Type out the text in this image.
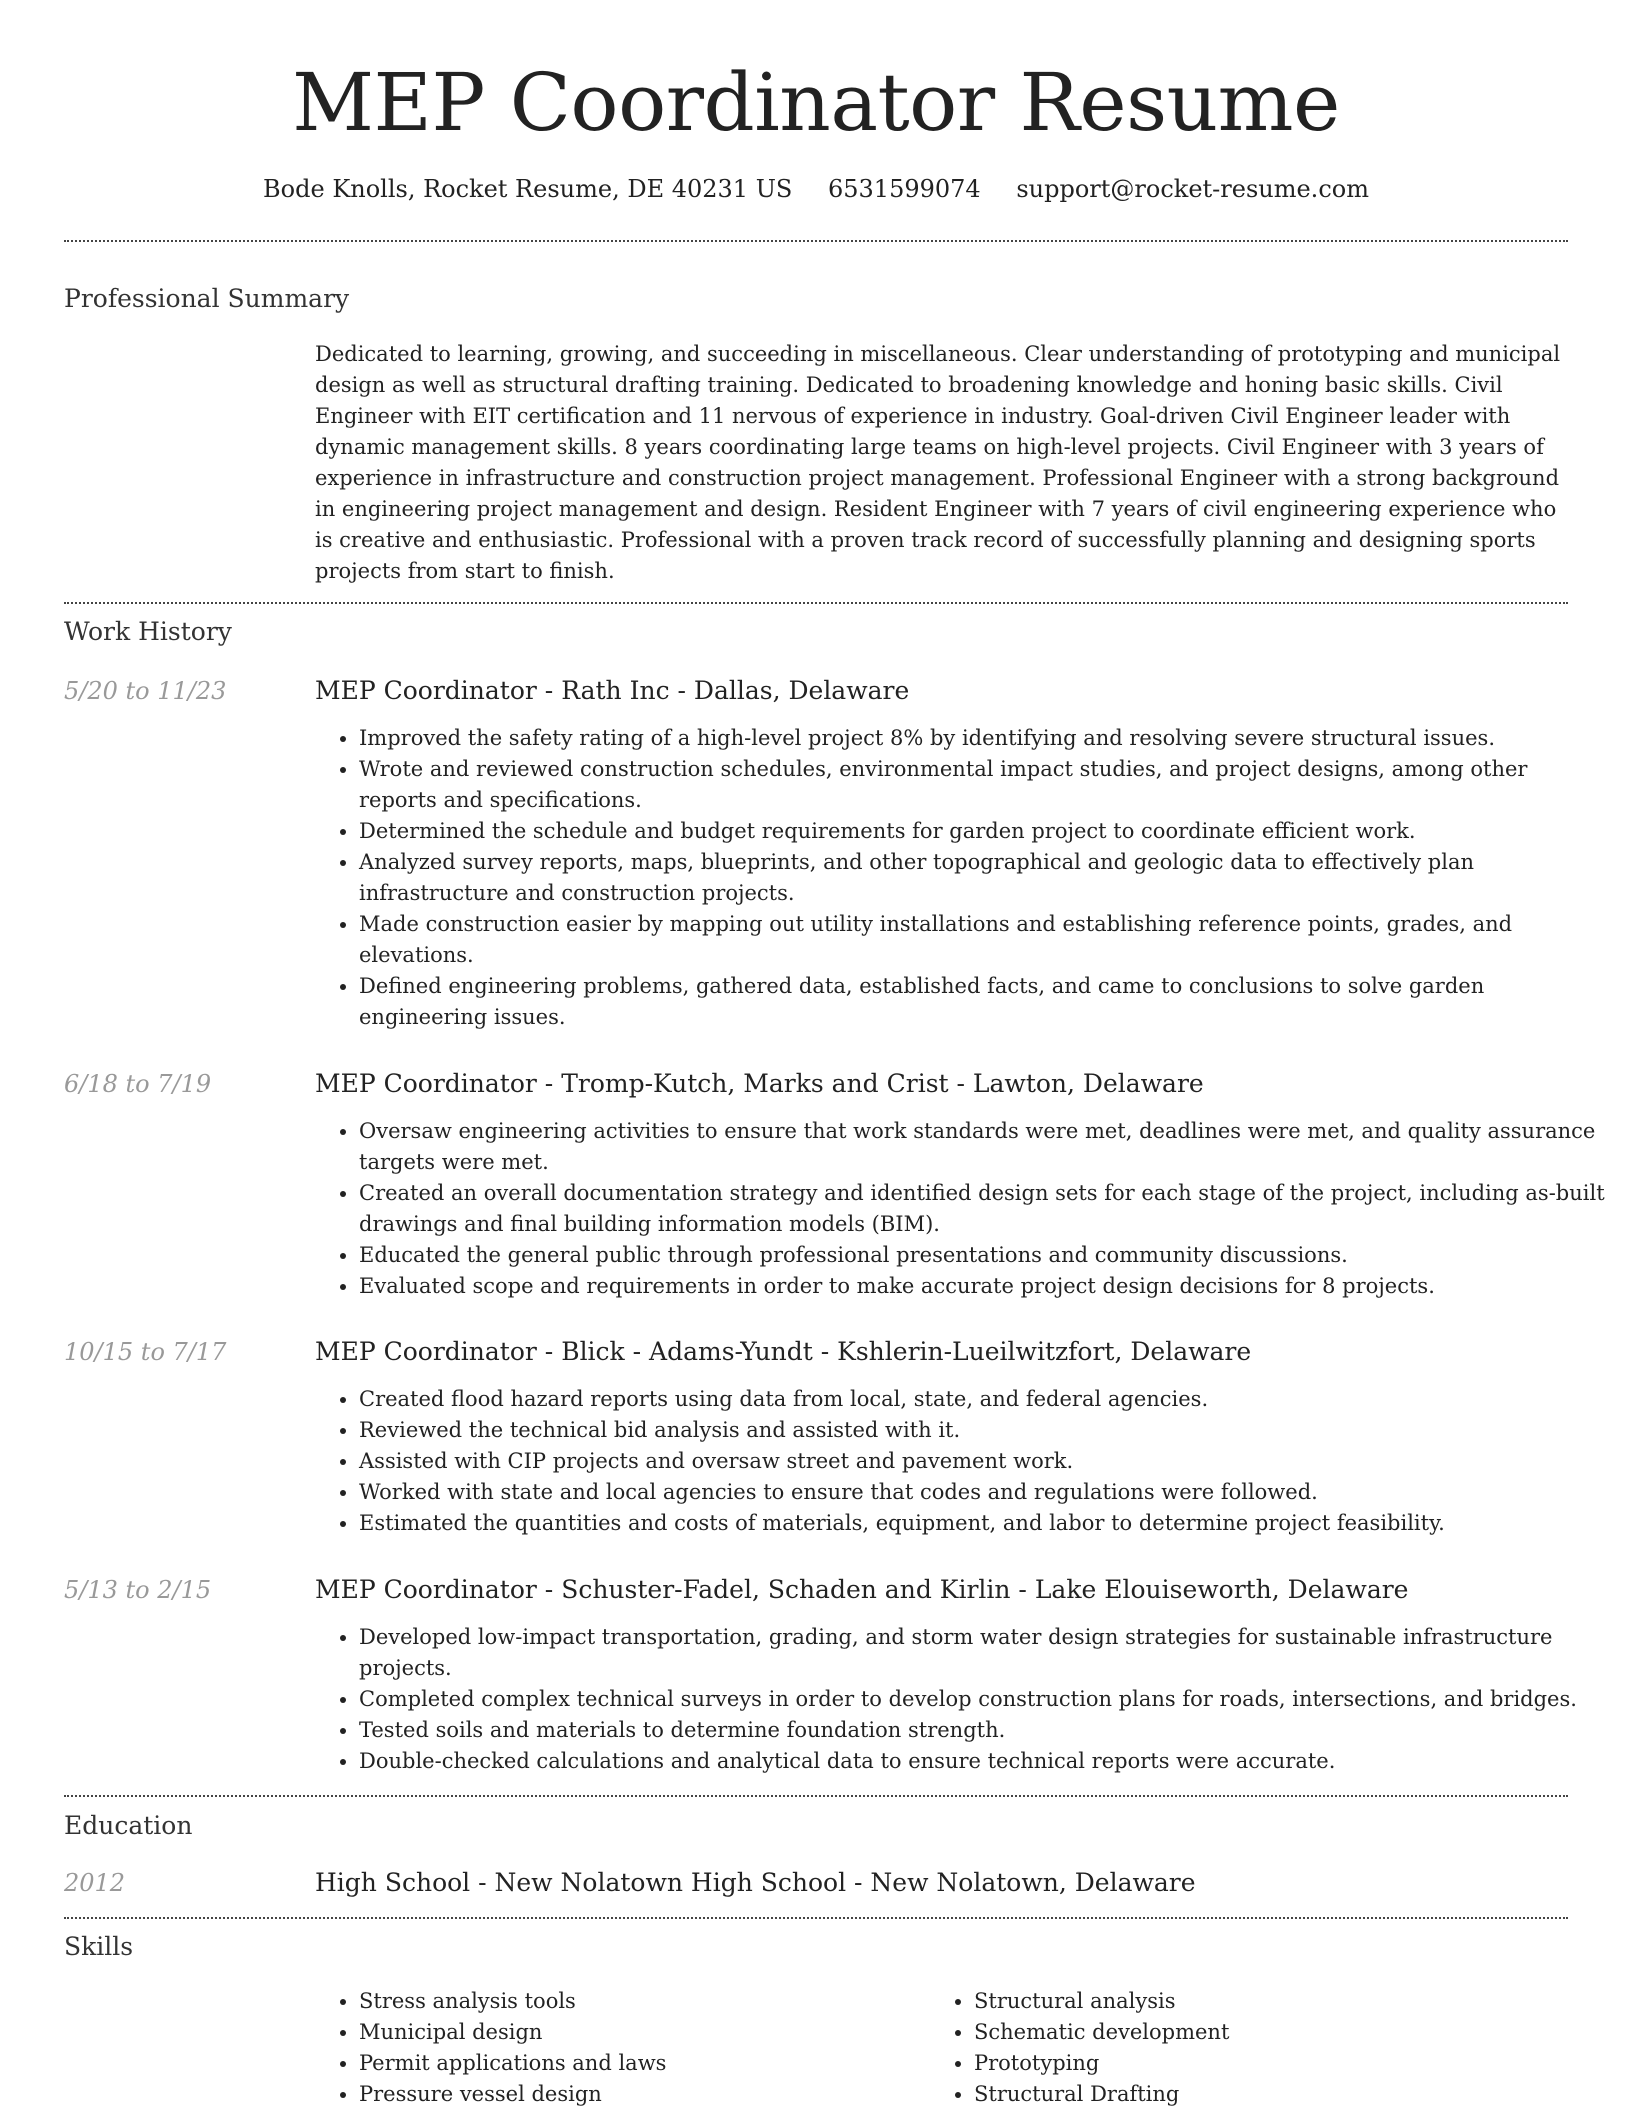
MEP Coordinator Resume
Bode Knolls, Rocket Resume, DE 40231 US 6531599074 support@rocket-resume.com
Professional Summary

Dedicated to learning, growing, and succeeding in miscellaneous. Clear understanding of prototyping and municipal design as well as structural drafting training. Dedicated to broadening knowledge and honing basic skills. Civil Engineer with EIT certification and 11 nervous of experience in industry. Goal-driven Civil Engineer leader with dynamic management skills. 8 years coordinating large teams on high-level projects. Civil Engineer with 3 years of experience in infrastructure and construction project management. Professional Engineer with a strong background in engineering project management and design. Resident Engineer with 7 years of civil engineering experience who is creative and enthusiastic. Professional with a proven track record of successfully planning and designing sports projects from start to finish.

Work History
5/20 to 11/23	MEP Coordinator - Rath Inc - Dallas, Delaware
• Improved the safety rating of a high-level project 8% by identifying and resolving severe structural issues.
• Wrote and reviewed construction schedules, environmental impact studies, and project designs, among other reports and specifications.
• Determined the schedule and budget requirements for garden project to coordinate efficient work.
• Analyzed survey reports, maps, blueprints, and other topographical and geologic data to effectively plan infrastructure and construction projects.
• Made construction easier by mapping out utility installations and establishing reference points, grades, and elevations.
• Defined engineering problems, gathered data, established facts, and came to conclusions to solve garden engineering issues.
6/18 to 7/19	MEP Coordinator - Tromp-Kutch, Marks and Crist - Lawton, Delaware
• Oversaw engineering activities to ensure that work standards were met, deadlines were met, and quality assurance targets were met.
• Created an overall documentation strategy and identified design sets for each stage of the project, including as-built drawings and final building information models (BIM).
• Educated the general public through professional presentations and community discussions.
• Evaluated scope and requirements in order to make accurate project design decisions for 8 projects.
10/15 to 7/17	MEP Coordinator - Blick - Adams-Yundt - Kshlerin-Lueilwitzfort, Delaware
• Created flood hazard reports using data from local, state, and federal agencies.
• Reviewed the technical bid analysis and assisted with it.
• Assisted with CIP projects and oversaw street and pavement work.
• Worked with state and local agencies to ensure that codes and regulations were followed.
• Estimated the quantities and costs of materials, equipment, and labor to determine project feasibility.
5/13 to 2/15	MEP Coordinator - Schuster-Fadel, Schaden and Kirlin - Lake Elouiseworth, Delaware
• Developed low-impact transportation, grading, and storm water design strategies for sustainable infrastructure projects.
• Completed complex technical surveys in order to develop construction plans for roads, intersections, and bridges.
• Tested soils and materials to determine foundation strength.
• Double-checked calculations and analytical data to ensure technical reports were accurate.
Education
2012	High School - New Nolatown High School - New Nolatown, Delaware
Skills
• Stress analysis tools
• Municipal design
• Permit applications and laws
• Pressure vessel design
• Structural analysis
• Schematic development
• Prototyping
• Structural Drafting
